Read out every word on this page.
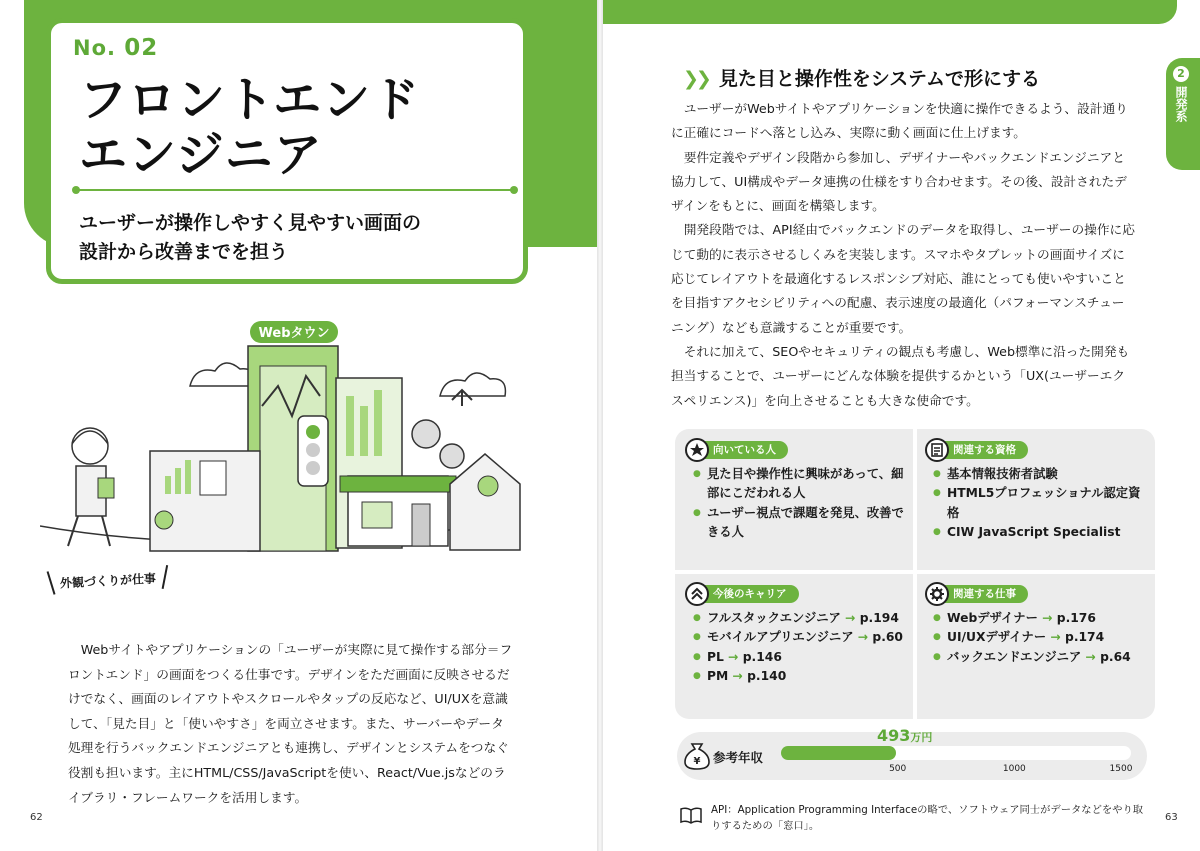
No. 02
フロントエンド
エンジニア
ユーザーが操作しやすく見やすい画面の
設計から改善までを担う
Webタウン
外観づくりが仕事

Webサイトやアプリケーションの「ユーザーが実際に見て操作する部分＝フロントエンド」の画面をつくる仕事です。デザインをただ画面に反映させるだけでなく、画面のレイアウトやスクロールやタップの反応など、UI/UXを意識して、「見た目」と「使いやすさ」を両立させます。また、サーバーやデータ処理を行うバックエンドエンジニアとも連携し、デザインとシステムをつなぐ役割も担います。主にHTML/CSS/JavaScriptを使い、React/Vue.jsなどのライブラリ・フレームワークを活用します。

62
2
開発系
❯❯ 見た目と操作性をシステムで形にする

ユーザーがWebサイトやアプリケーションを快適に操作できるよう、設計通りに正確にコードへ落とし込み、実際に動く画面に仕上げます。

要件定義やデザイン段階から参加し、デザイナーやバックエンドエンジニアと協力して、UI構成やデータ連携の仕様をすり合わせます。その後、設計されたデザインをもとに、画面を構築します。

開発段階では、API経由でバックエンドのデータを取得し、ユーザーの操作に応じて動的に表示させるしくみを実装します。スマホやタブレットの画面サイズに応じてレイアウトを最適化するレスポンシブ対応、誰にとっても使いやすいことを目指すアクセシビリティへの配慮、表示速度の最適化（パフォーマンスチューニング）なども意識することが重要です。

それに加えて、SEOやセキュリティの観点も考慮し、Web標準に沿った開発も担当することで、ユーザーにどんな体験を提供するかという「UX(ユーザーエクスペリエンス)」を向上させることも大きな使命です。

向いている人
● 見た目や操作性に興味があって、細部にこだわれる人
● ユーザー視点で課題を発見、改善できる人
関連する資格
● 基本情報技術者試験
● HTML5プロフェッショナル認定資格
● CIW JavaScript Specialist
今後のキャリア
● フルスタックエンジニア → p.194
● モバイルアプリエンジニア → p.60
● PL → p.146
● PM → p.140
関連する仕事
● Webデザイナー → p.176
● UI/UXデザイナー → p.174
● バックエンドエンジニア → p.64
¥ 参考年収
493万円
500	1000	1500
API：Application Programming Interfaceの略で、ソフトウェア同士がデータなどをやり取りするための「窓口」。
63
